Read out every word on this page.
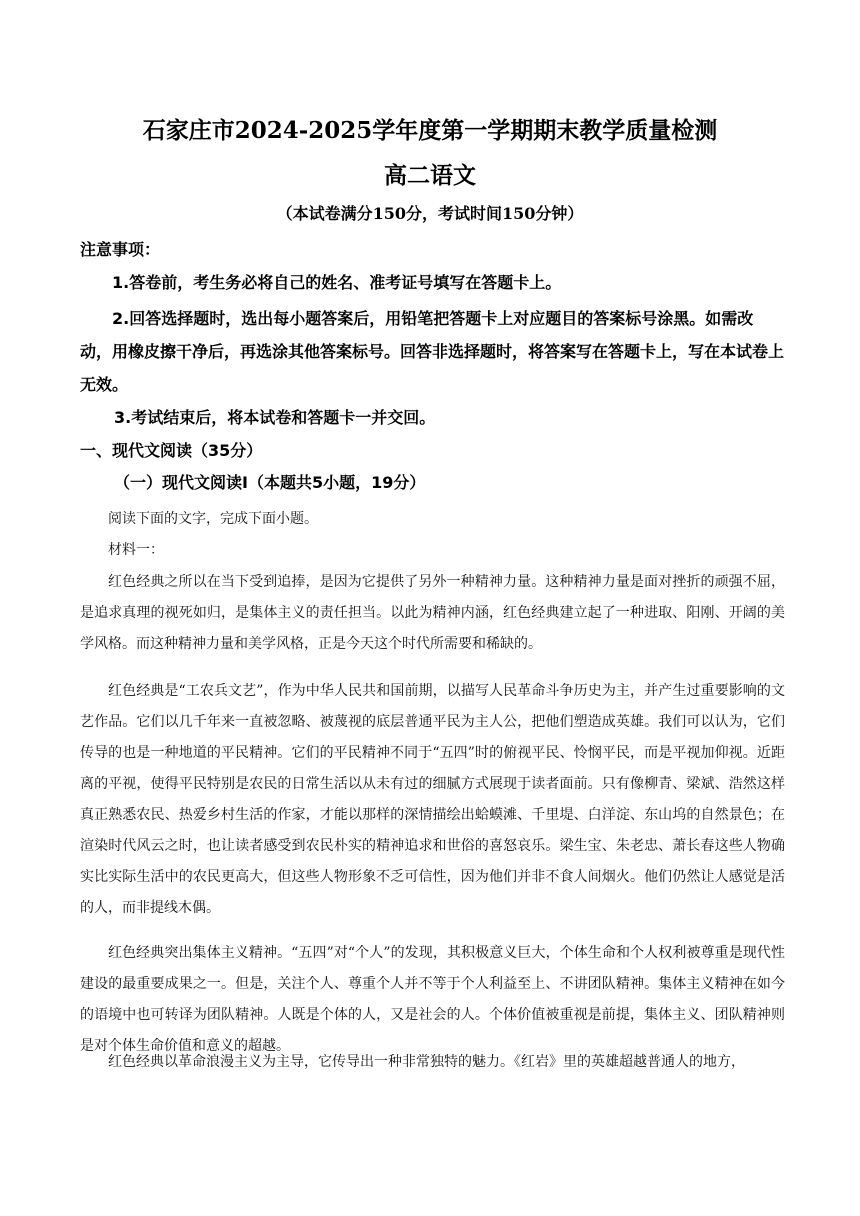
石家庄市2024-2025学年度第一学期期末教学质量检测
高二语文
（本试卷满分150分，考试时间150分钟）
注意事项：
1.答卷前，考生务必将自己的姓名、准考证号填写在答题卡上。
2.回答选择题时，选出每小题答案后，用铅笔把答题卡上对应题目的答案标号涂黑。如需改动，用橡皮擦干净后，再选涂其他答案标号。回答非选择题时，将答案写在答题卡上，写在本试卷上无效。
3.考试结束后，将本试卷和答题卡一并交回。
一、现代文阅读（35分）
（一）现代文阅读Ⅰ（本题共5小题，19分）
阅读下面的文字，完成下面小题。
材料一：
红色经典之所以在当下受到追捧，是因为它提供了另外一种精神力量。这种精神力量是面对挫折的顽强不屈，是追求真理的视死如归，是集体主义的责任担当。以此为精神内涵，红色经典建立起了一种进取、阳刚、开阔的美学风格。而这种精神力量和美学风格，正是今天这个时代所需要和稀缺的。
红色经典是“工农兵文艺”，作为中华人民共和国前期，以描写人民革命斗争历史为主，并产生过重要影响的文艺作品。它们以几千年来一直被忽略、被蔑视的底层普通平民为主人公，把他们塑造成英雄。我们可以认为，它们传导的也是一种地道的平民精神。它们的平民精神不同于“五四”时的俯视平民、怜悯平民，而是平视加仰视。近距离的平视，使得平民特别是农民的日常生活以从未有过的细腻方式展现于读者面前。只有像柳青、梁斌、浩然这样真正熟悉农民、热爱乡村生活的作家，才能以那样的深情描绘出蛤蟆滩、千里堤、白洋淀、东山坞的自然景色；在渲染时代风云之时，也让读者感受到农民朴实的精神追求和世俗的喜怒哀乐。梁生宝、朱老忠、萧长春这些人物确实比实际生活中的农民更高大，但这些人物形象不乏可信性，因为他们并非不食人间烟火。他们仍然让人感觉是活的人，而非提线木偶。
红色经典突出集体主义精神。“五四”对“个人”的发现，其积极意义巨大，个体生命和个人权利被尊重是现代性建设的最重要成果之一。但是，关注个人、尊重个人并不等于个人利益至上、不讲团队精神。集体主义精神在如今的语境中也可转译为团队精神。人既是个体的人，又是社会的人。个体价值被重视是前提，集体主义、团队精神则是对个体生命价值和意义的超越。
红色经典以革命浪漫主义为主导，它传导出一种非常独特的魅力。《红岩》里的英雄超越普通人的地方，
